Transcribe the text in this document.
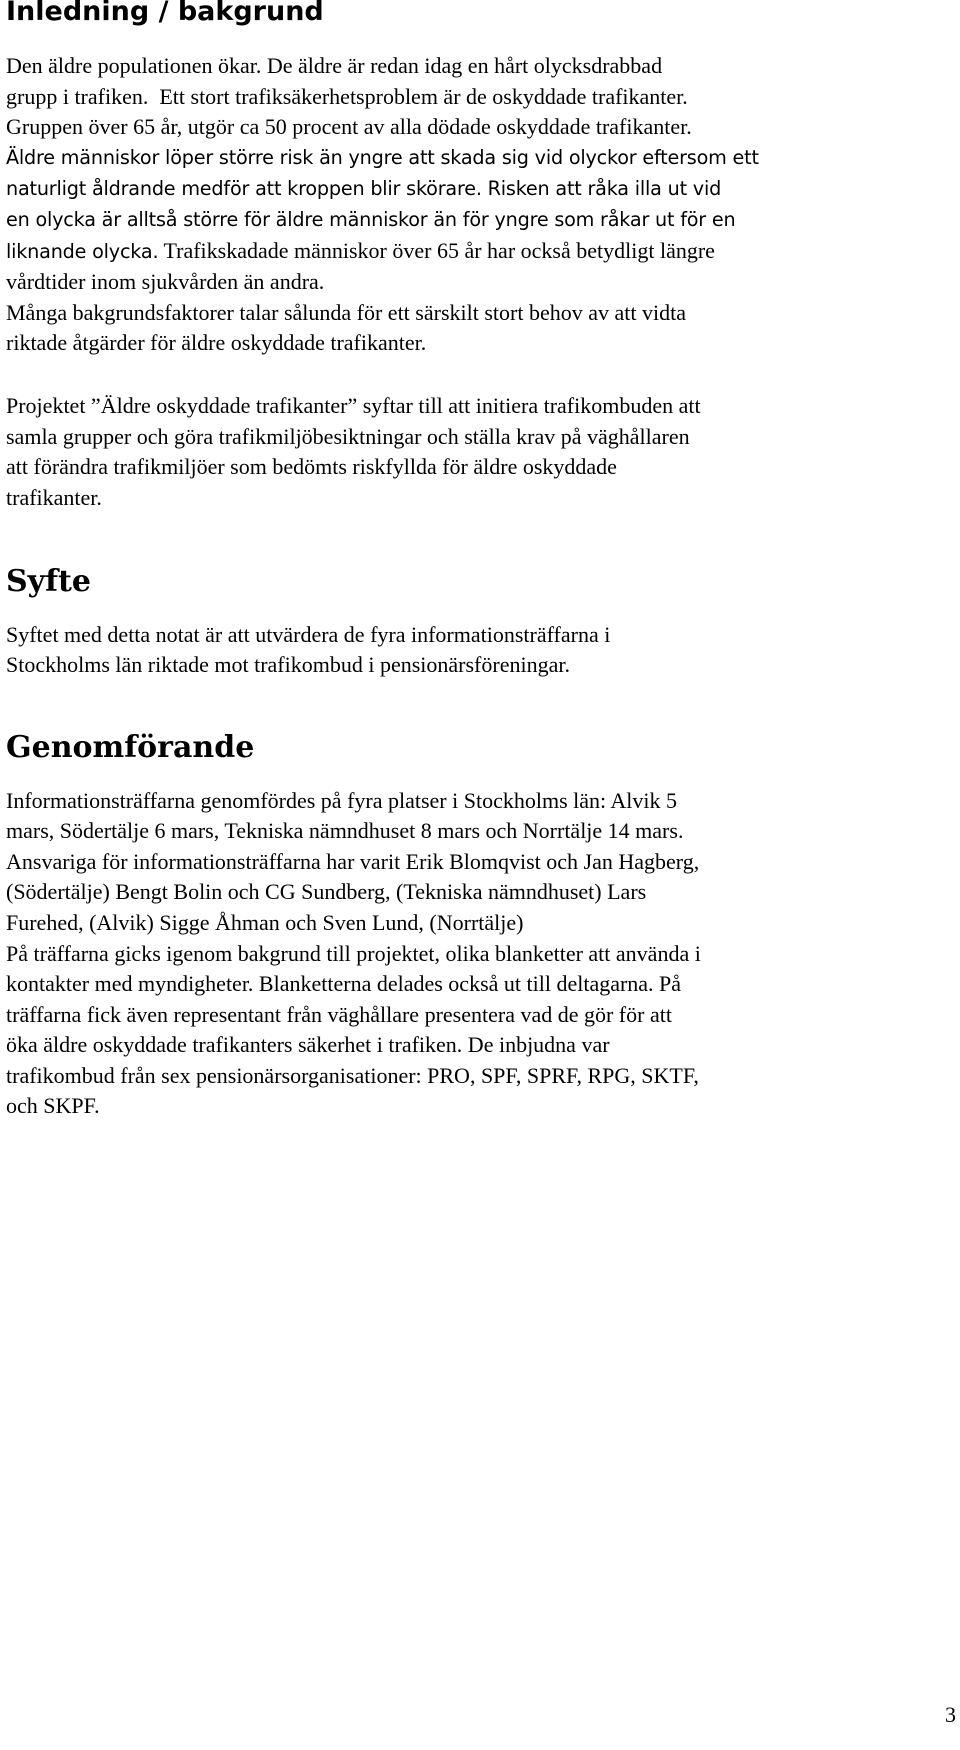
Inledning / bakgrund

Den äldre populationen ökar. De äldre är redan idag en hårt olycksdrabbad

grupp i trafiken.  Ett stort trafiksäkerhetsproblem är de oskyddade trafikanter.

Gruppen över 65 år, utgör ca 50 procent av alla dödade oskyddade trafikanter.

Äldre människor löper större risk än yngre att skada sig vid olyckor eftersom ett

naturligt åldrande medför att kroppen blir skörare. Risken att råka illa ut vid

en olycka är alltså större för äldre människor än för yngre som råkar ut för en

liknande olycka. Trafikskadade människor över 65 år har också betydligt längre

vårdtider inom sjukvården än andra.

Många bakgrundsfaktorer talar sålunda för ett särskilt stort behov av att vidta

riktade åtgärder för äldre oskyddade trafikanter.

Projektet ”Äldre oskyddade trafikanter” syftar till att initiera trafikombuden att

samla grupper och göra trafikmiljöbesiktningar och ställa krav på väghållaren

att förändra trafikmiljöer som bedömts riskfyllda för äldre oskyddade

trafikanter.

Syfte

Syftet med detta notat är att utvärdera de fyra informationsträffarna i

Stockholms län riktade mot trafikombud i pensionärsföreningar.

Genomförande

Informationsträffarna genomfördes på fyra platser i Stockholms län: Alvik 5

mars, Södertälje 6 mars, Tekniska nämndhuset 8 mars och Norrtälje 14 mars.

Ansvariga för informationsträffarna har varit Erik Blomqvist och Jan Hagberg,

(Södertälje) Bengt Bolin och CG Sundberg, (Tekniska nämndhuset) Lars

Furehed, (Alvik) Sigge Åhman och Sven Lund, (Norrtälje)

På träffarna gicks igenom bakgrund till projektet, olika blanketter att använda i

kontakter med myndigheter. Blanketterna delades också ut till deltagarna. På

träffarna fick även representant från väghållare presentera vad de gör för att

öka äldre oskyddade trafikanters säkerhet i trafiken. De inbjudna var

trafikombud från sex pensionärsorganisationer: PRO, SPF, SPRF, RPG, SKTF,

och SKPF.

3
